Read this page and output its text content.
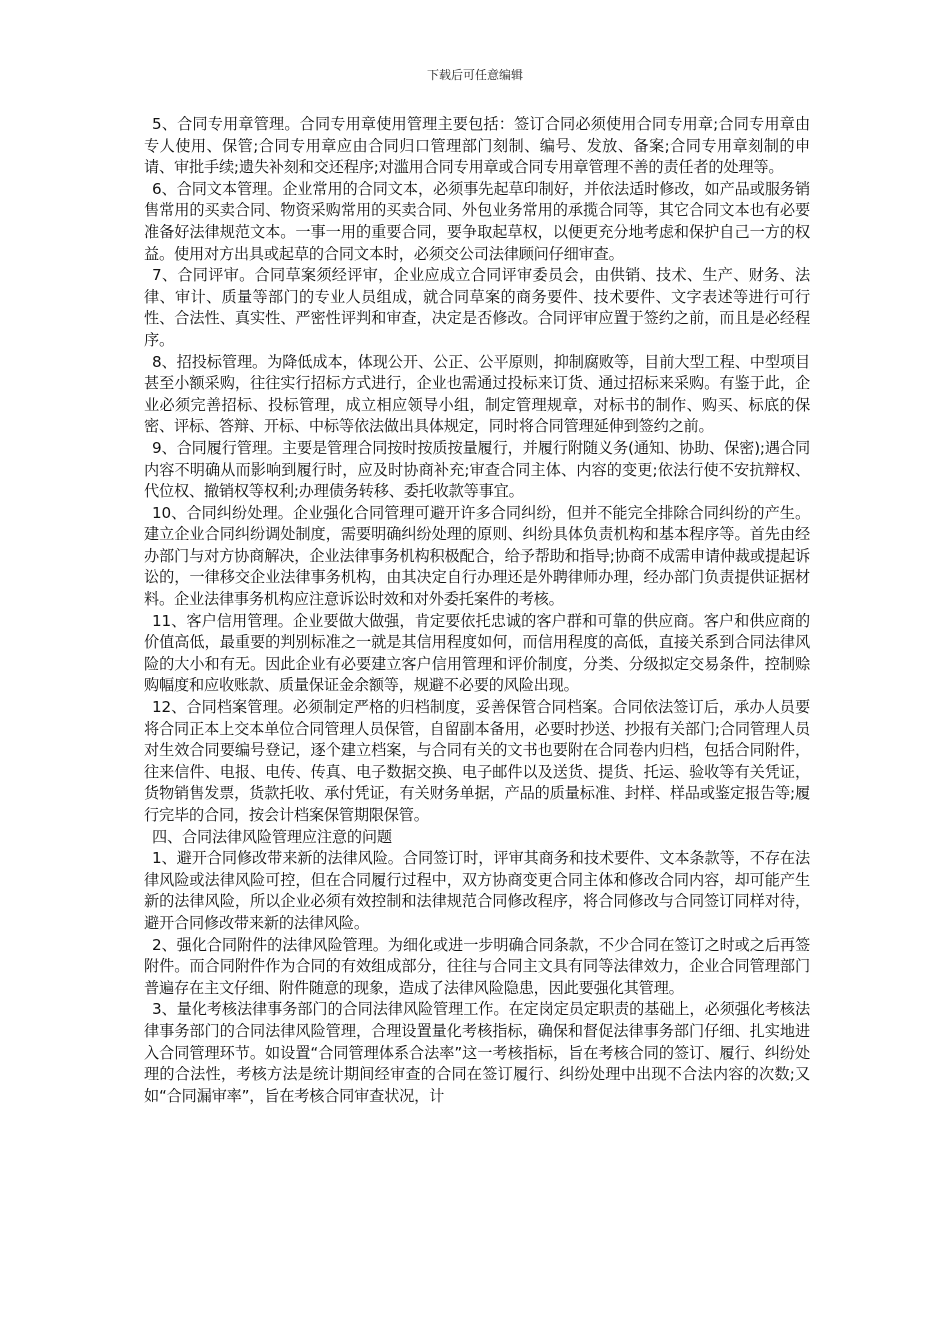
下载后可任意编辑

5、合同专用章管理。合同专用章使用管理主要包括：签订合同必须使用合同专用章;合同专用章由专人使用、保管;合同专用章应由合同归口管理部门刻制、编号、发放、备案;合同专用章刻制的申请、审批手续;遗失补刻和交还程序;对滥用合同专用章或合同专用章管理不善的责任者的处理等。

6、合同文本管理。企业常用的合同文本，必须事先起草印制好，并依法适时修改，如产品或服务销售常用的买卖合同、物资采购常用的买卖合同、外包业务常用的承揽合同等，其它合同文本也有必要准备好法律规范文本。一事一用的重要合同，要争取起草权，以便更充分地考虑和保护自己一方的权益。使用对方出具或起草的合同文本时，必须交公司法律顾问仔细审查。

7、合同评审。合同草案须经评审，企业应成立合同评审委员会，由供销、技术、生产、财务、法律、审计、质量等部门的专业人员组成，就合同草案的商务要件、技术要件、文字表述等进行可行性、合法性、真实性、严密性评判和审查，决定是否修改。合同评审应置于签约之前，而且是必经程序。

8、招投标管理。为降低成本，体现公开、公正、公平原则，抑制腐败等，目前大型工程、中型项目甚至小额采购，往往实行招标方式进行，企业也需通过投标来订货、通过招标来采购。有鉴于此，企业必须完善招标、投标管理，成立相应领导小组，制定管理规章，对标书的制作、购买、标底的保密、评标、答辩、开标、中标等依法做出具体规定，同时将合同管理延伸到签约之前。

9、合同履行管理。主要是管理合同按时按质按量履行，并履行附随义务(通知、协助、保密);遇合同内容不明确从而影响到履行时，应及时协商补充;审查合同主体、内容的变更;依法行使不安抗辩权、代位权、撤销权等权利;办理债务转移、委托收款等事宜。

10、合同纠纷处理。企业强化合同管理可避开许多合同纠纷，但并不能完全排除合同纠纷的产生。建立企业合同纠纷调处制度，需要明确纠纷处理的原则、纠纷具体负责机构和基本程序等。首先由经办部门与对方协商解决，企业法律事务机构积极配合，给予帮助和指导;协商不成需申请仲裁或提起诉讼的，一律移交企业法律事务机构，由其决定自行办理还是外聘律师办理，经办部门负责提供证据材料。企业法律事务机构应注意诉讼时效和对外委托案件的考核。

11、客户信用管理。企业要做大做强，肯定要依托忠诚的客户群和可靠的供应商。客户和供应商的价值高低，最重要的判别标准之一就是其信用程度如何，而信用程度的高低，直接关系到合同法律风险的大小和有无。因此企业有必要建立客户信用管理和评价制度，分类、分级拟定交易条件，控制赊购幅度和应收账款、质量保证金余额等，规避不必要的风险出现。

12、合同档案管理。必须制定严格的归档制度，妥善保管合同档案。合同依法签订后，承办人员要将合同正本上交本单位合同管理人员保管，自留副本备用，必要时抄送、抄报有关部门;合同管理人员对生效合同要编号登记，逐个建立档案，与合同有关的文书也要附在合同卷内归档，包括合同附件，往来信件、电报、电传、传真、电子数据交换、电子邮件以及送货、提货、托运、验收等有关凭证，货物销售发票，货款托收、承付凭证，有关财务单据，产品的质量标准、封样、样品或鉴定报告等;履行完毕的合同，按会计档案保管期限保管。

四、合同法律风险管理应注意的问题

1、避开合同修改带来新的法律风险。合同签订时，评审其商务和技术要件、文本条款等，不存在法律风险或法律风险可控，但在合同履行过程中，双方协商变更合同主体和修改合同内容，却可能产生新的法律风险，所以企业必须有效控制和法律规范合同修改程序，将合同修改与合同签订同样对待，避开合同修改带来新的法律风险。

2、强化合同附件的法律风险管理。为细化或进一步明确合同条款，不少合同在签订之时或之后再签附件。而合同附件作为合同的有效组成部分，往往与合同主文具有同等法律效力，企业合同管理部门普遍存在主文仔细、附件随意的现象，造成了法律风险隐患，因此要强化其管理。

3、量化考核法律事务部门的合同法律风险管理工作。在定岗定员定职责的基础上，必须强化考核法律事务部门的合同法律风险管理，合理设置量化考核指标，确保和督促法律事务部门仔细、扎实地进入合同管理环节。如设置“合同管理体系合法率”这一考核指标，旨在考核合同的签订、履行、纠纷处理的合法性，考核方法是统计期间经审查的合同在签订履行、纠纷处理中出现不合法内容的次数;又如“合同漏审率”，旨在考核合同审查状况，计
